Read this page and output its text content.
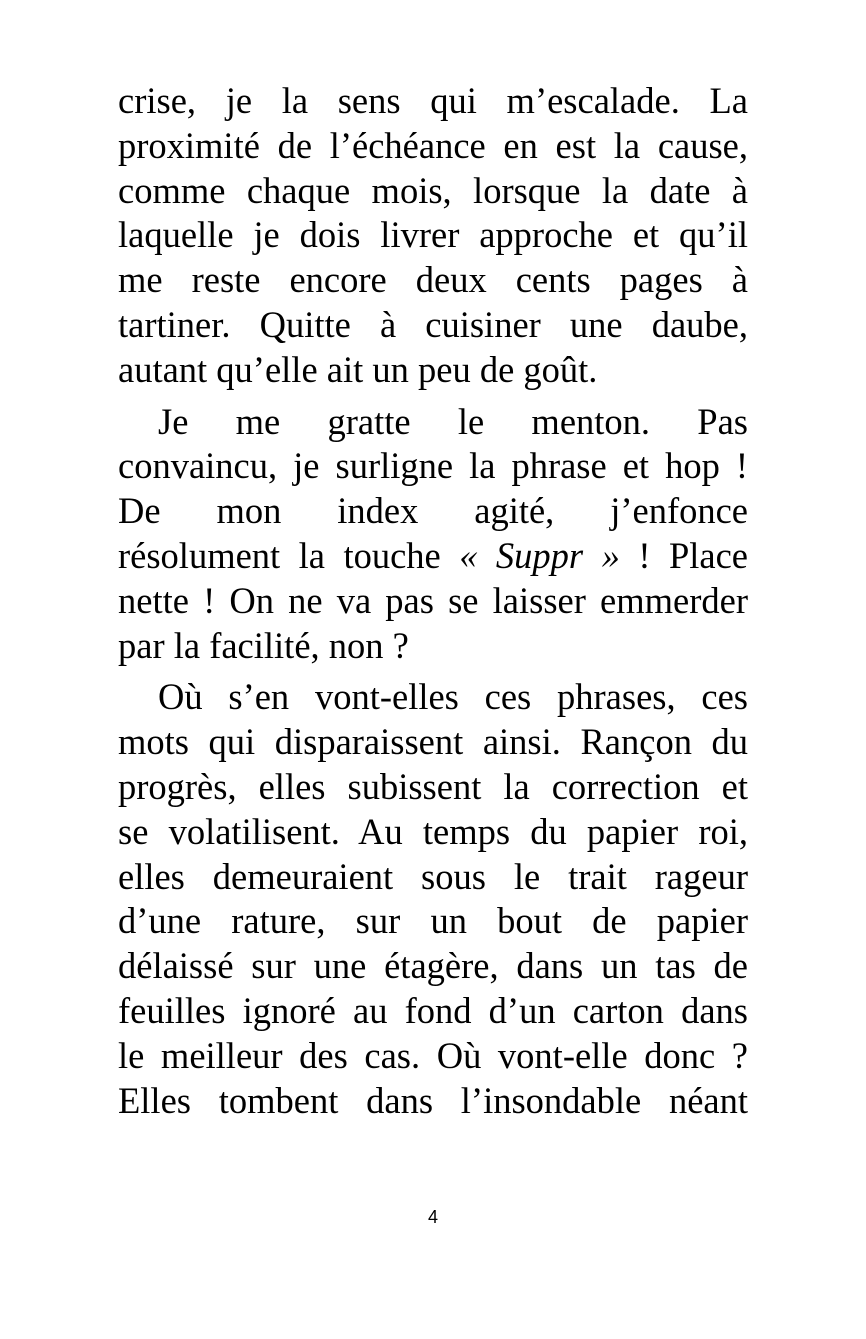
crise, je la sens qui m’escalade. La
proximité de l’échéance en est la cause,
comme chaque mois, lorsque la date à
laquelle je dois livrer approche et qu’il
me reste encore deux cents pages à
tartiner. Quitte à cuisiner une daube,
autant qu’elle ait un peu de goût.
Je me gratte le menton. Pas
convaincu, je surligne la phrase et hop !
De mon index agité, j’enfonce
résolument la touche « Suppr » ! Place
nette ! On ne va pas se laisser emmerder
par la facilité, non ?
Où s’en vont-elles ces phrases, ces
mots qui disparaissent ainsi. Rançon du
progrès, elles subissent la correction et
se volatilisent. Au temps du papier roi,
elles demeuraient sous le trait rageur
d’une rature, sur un bout de papier
délaissé sur une étagère, dans un tas de
feuilles ignoré au fond d’un carton dans
le meilleur des cas. Où vont-elle donc ?
Elles tombent dans l’insondable néant
4
